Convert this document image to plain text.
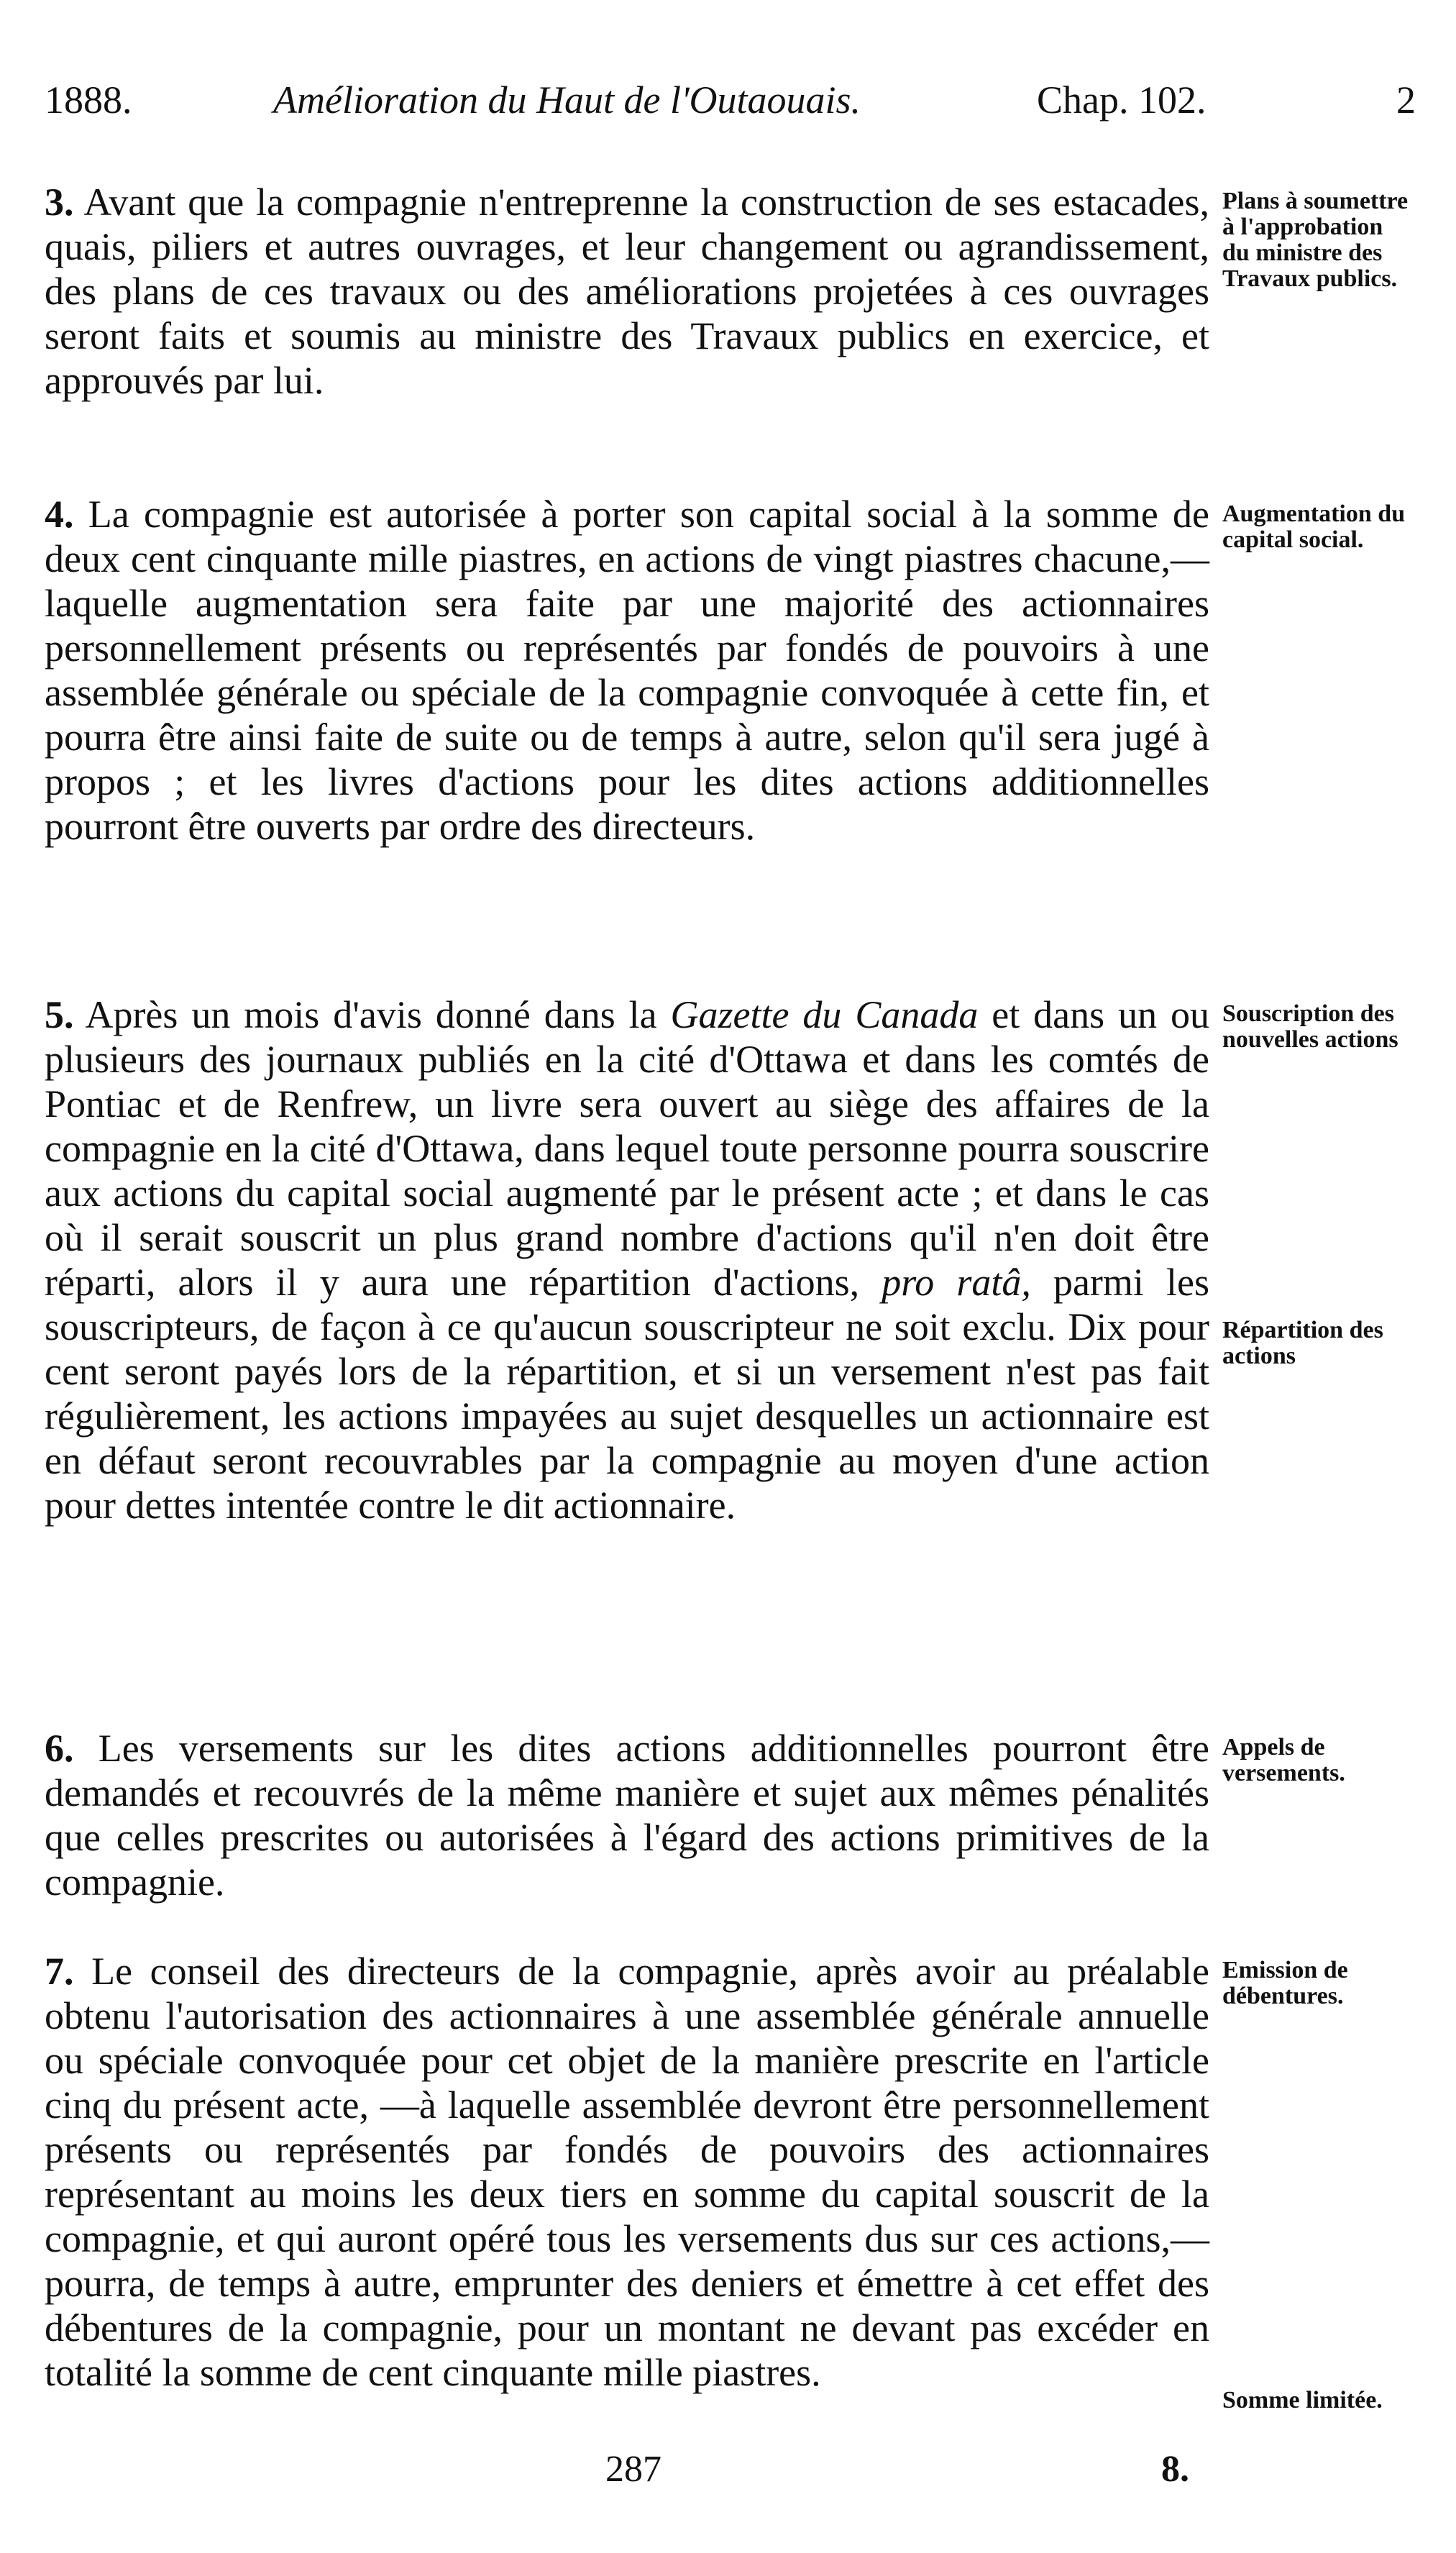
1888.	Amélioration du Haut de l'Outaouais.	Chap. 102.	2
3. Avant que la compagnie n'entreprenne la construction de ses estacades, quais, piliers et autres ouvrages, et leur changement ou agrandissement, des plans de ces travaux ou des améliorations projetées à ces ouvrages seront faits et soumis au ministre des Travaux publics en exercice, et approuvés par lui.
Plans à soumettre à l'approbation du ministre des Travaux publics.
4. La compagnie est autorisée à porter son capital social à la somme de deux cent cinquante mille piastres, en actions de vingt piastres chacune,—laquelle augmentation sera faite par une majorité des actionnaires personnellement présents ou représentés par fondés de pouvoirs à une assemblée générale ou spéciale de la compagnie convoquée à cette fin, et pourra être ainsi faite de suite ou de temps à autre, selon qu'il sera jugé à propos ; et les livres d'actions pour les dites actions additionnelles pourront être ouverts par ordre des directeurs.
Augmentation du capital social.
5. Après un mois d'avis donné dans la Gazette du Canada et dans un ou plusieurs des journaux publiés en la cité d'Ottawa et dans les comtés de Pontiac et de Renfrew, un livre sera ouvert au siège des affaires de la compagnie en la cité d'Ottawa, dans lequel toute personne pourra souscrire aux actions du capital social augmenté par le présent acte ; et dans le cas où il serait souscrit un plus grand nombre d'actions qu'il n'en doit être réparti, alors il y aura une répartition d'actions, pro ratâ, parmi les souscripteurs, de façon à ce qu'aucun souscripteur ne soit exclu. Dix pour cent seront payés lors de la répartition, et si un versement n'est pas fait régulièrement, les actions impayées au sujet desquelles un actionnaire est en défaut seront recouvrables par la compagnie au moyen d'une action pour dettes intentée contre le dit actionnaire.
Souscription des nouvelles actions
Répartition des actions
6. Les versements sur les dites actions additionnelles pourront être demandés et recouvrés de la même manière et sujet aux mêmes pénalités que celles prescrites ou autorisées à l'égard des actions primitives de la compagnie.
Appels de versements.
7. Le conseil des directeurs de la compagnie, après avoir au préalable obtenu l'autorisation des actionnaires à une assemblée générale annuelle ou spéciale convoquée pour cet objet de la manière prescrite en l'article cinq du présent acte, —à laquelle assemblée devront être personnellement présents ou représentés par fondés de pouvoirs des actionnaires représentant au moins les deux tiers en somme du capital souscrit de la compagnie, et qui auront opéré tous les versements dus sur ces actions,—pourra, de temps à autre, emprunter des deniers et émettre à cet effet des débentures de la compagnie, pour un montant ne devant pas excéder en totalité la somme de cent cinquante mille piastres.
Emission de débentures.
Somme limitée.
287	8.
